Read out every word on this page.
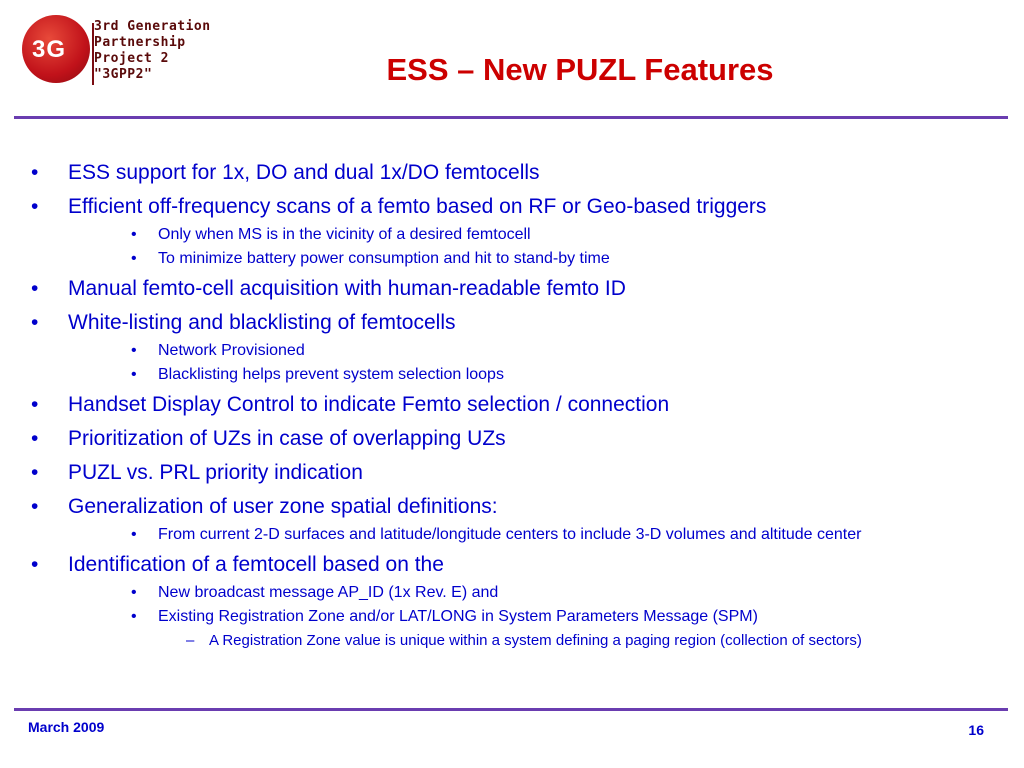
3G
3rd Generation
Partnership
Project 2
"3GPP2"	ESS – New PUZL Features
• ESS support for 1x, DO and dual 1x/DO femtocells
• Efficient off-frequency scans of a femto based on RF or Geo-based triggers
• Only when MS is in the vicinity of a desired femtocell
• To minimize battery power consumption and hit to stand-by time
• Manual femto-cell acquisition with human-readable femto ID
• White-listing and blacklisting of femtocells
• Network Provisioned
• Blacklisting helps prevent system selection loops
• Handset Display Control to indicate Femto selection / connection
• Prioritization of UZs in case of overlapping UZs
• PUZL vs. PRL priority indication
• Generalization of user zone spatial definitions:
• From current 2-D surfaces and latitude/longitude centers to include 3-D volumes and altitude center
• Identification of a femtocell based on the
• New broadcast message AP_ID (1x Rev. E) and
• Existing Registration Zone and/or LAT/LONG in System Parameters Message (SPM)
– A Registration Zone value is unique within a system defining a paging region (collection of sectors)
March 2009	16
